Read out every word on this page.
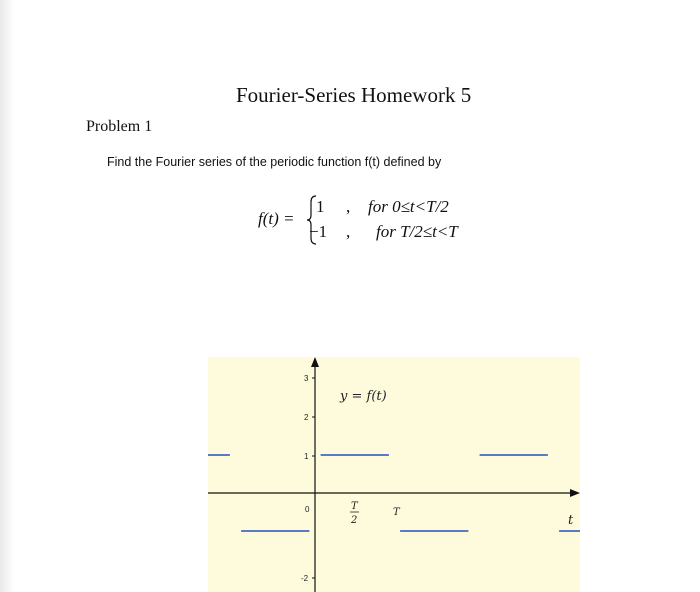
Fourier-Series Homework 5
Problem 1
Find the Fourier series of the periodic function f(t) defined by
f(t) =
1 , for 0≤t<T/2
−1 , for T/2≤t<T
3
2
1
0
-2
y = f(t)
T
2
T
t
